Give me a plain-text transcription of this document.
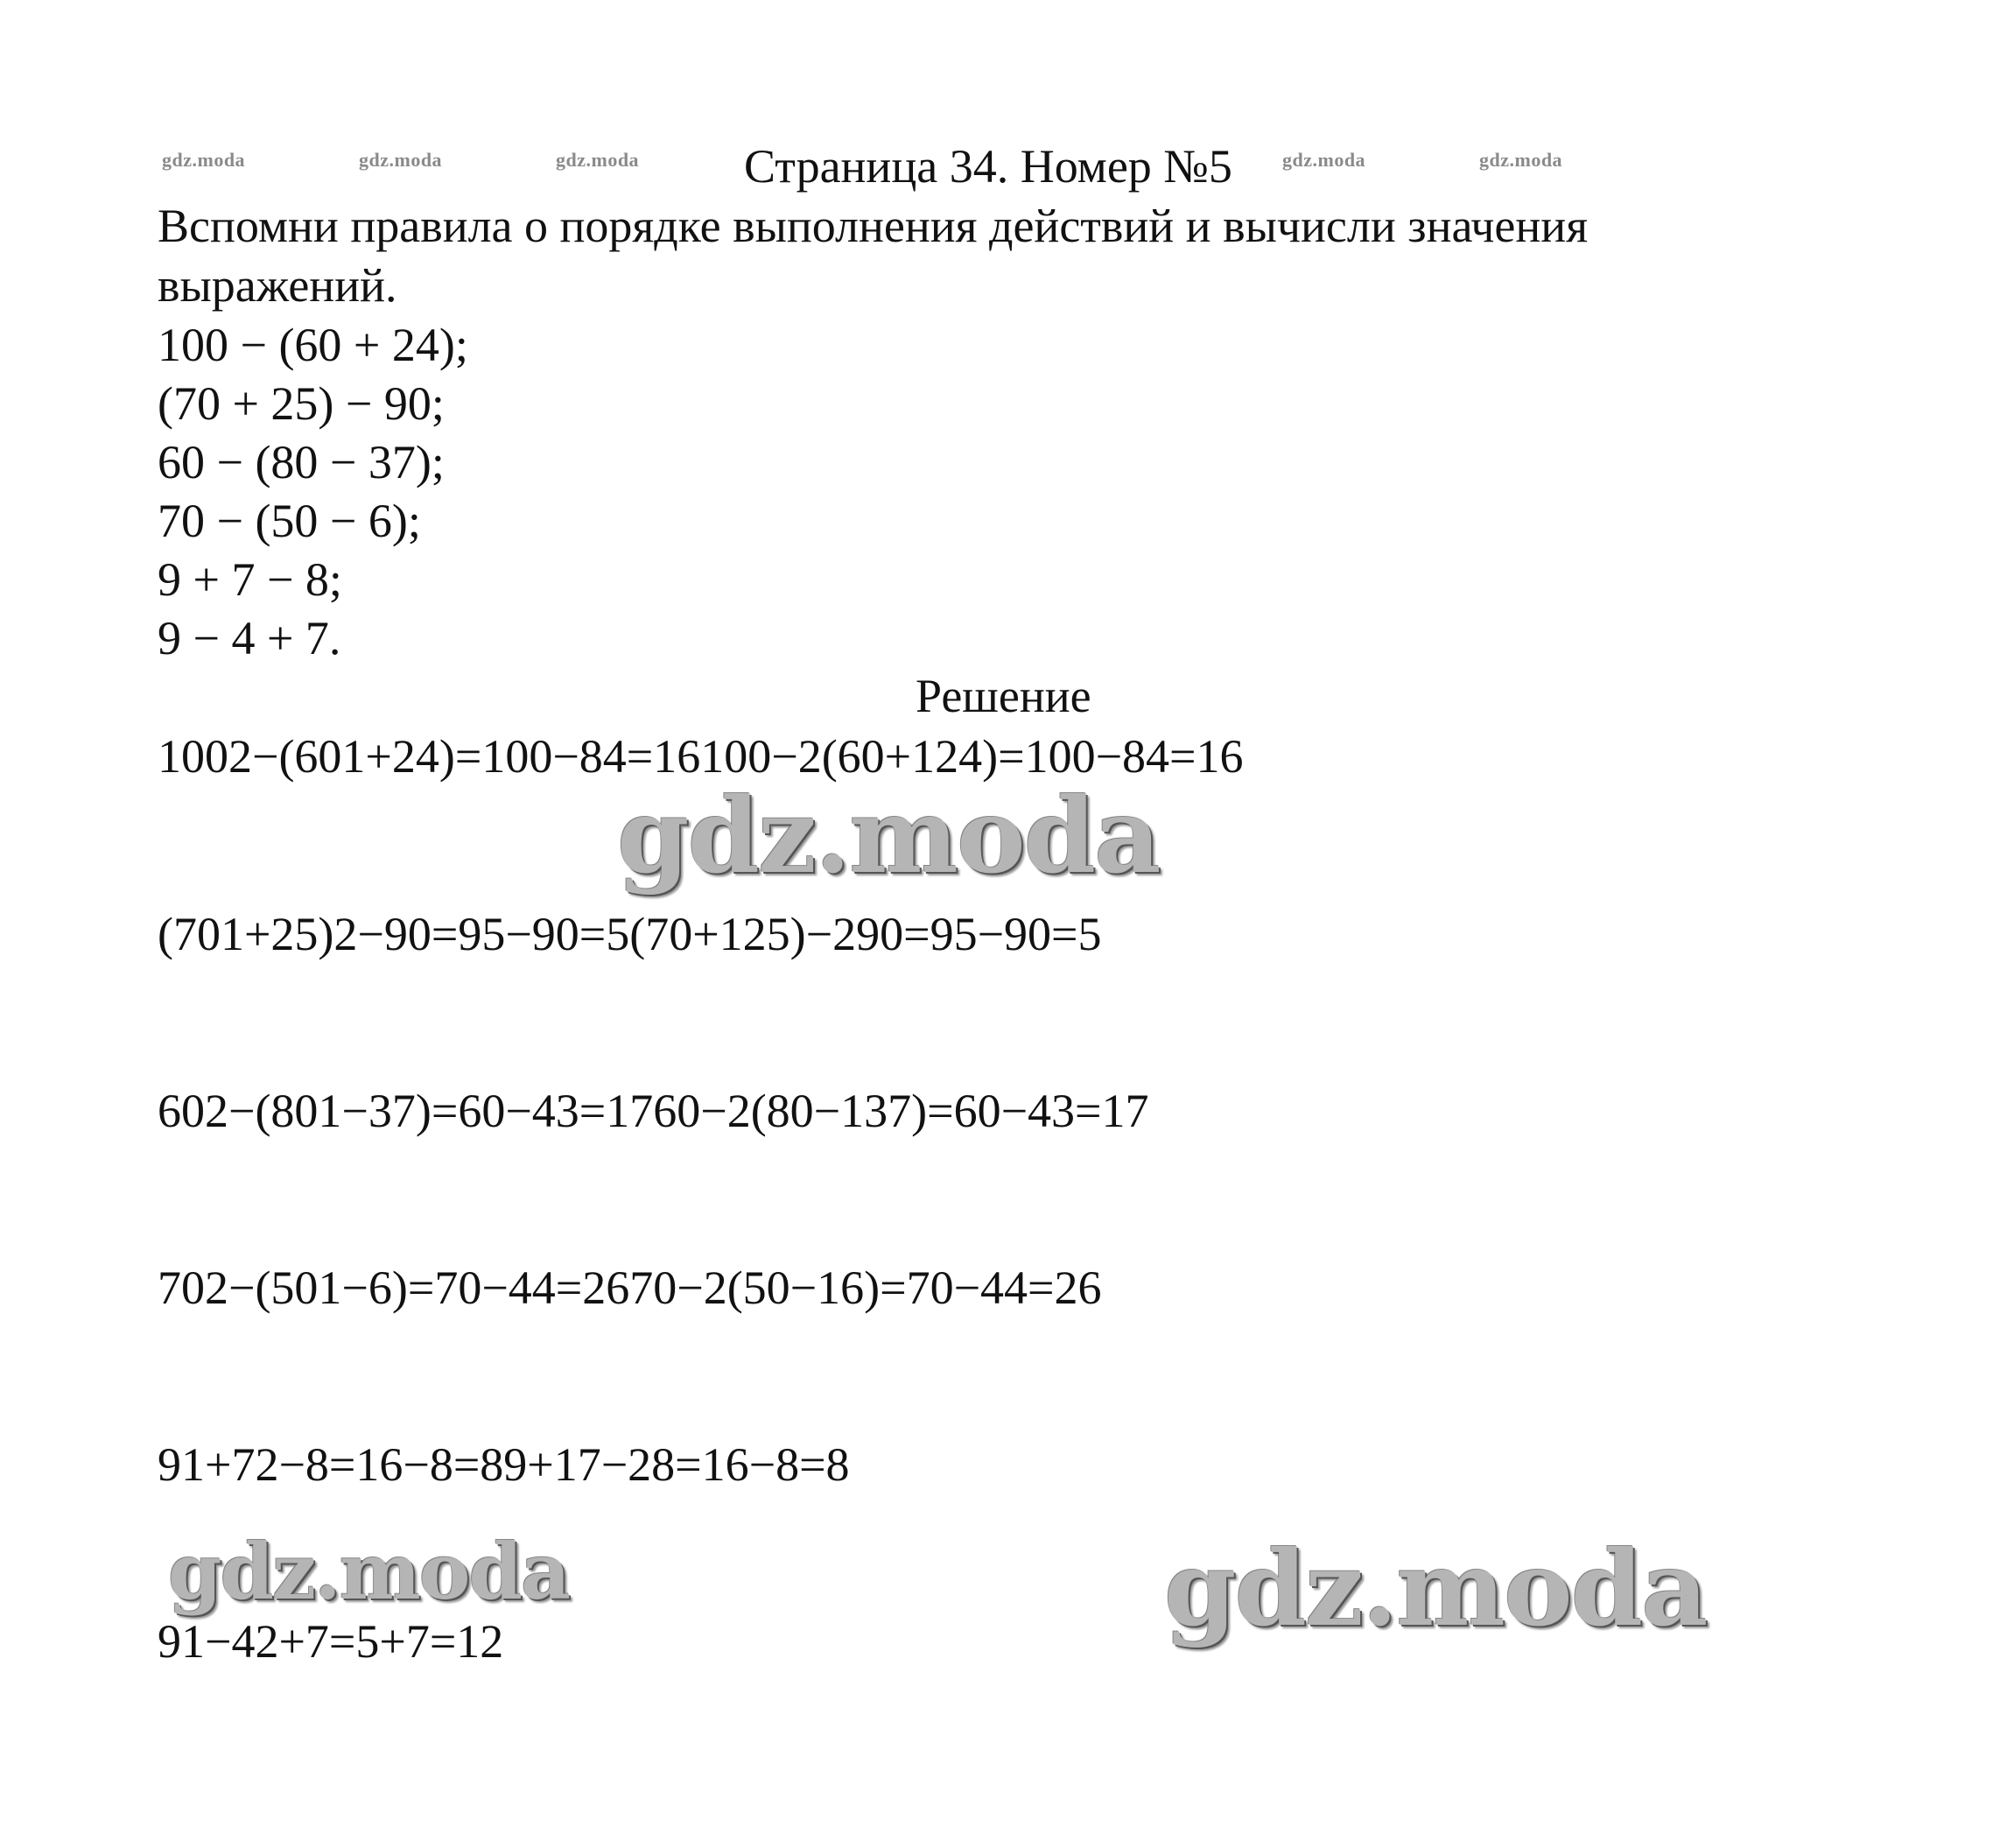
gdz.moda	gdz.moda	gdz.moda	gdz.moda	gdz.moda
Страница 34. Номер №5
Вспомни правила о порядке выполнения действий и вычисли значения
выражений.
100 − (60 + 24);
(70 + 25) − 90;
60 − (80 − 37);
70 − (50 − 6);
9 + 7 − 8;
9 − 4 + 7.
Решение
1002−(601+24)=100−84=16100−2(60+124)=100−84=16
(701+25)2−90=95−90=5(70+125)−290=95−90=5
602−(801−37)=60−43=1760−2(80−137)=60−43=17
702−(501−6)=70−44=2670−2(50−16)=70−44=26
91+72−8=16−8=89+17−28=16−8=8
91−42+7=5+7=12
gdz.moda
gdz.moda	gdz.moda
